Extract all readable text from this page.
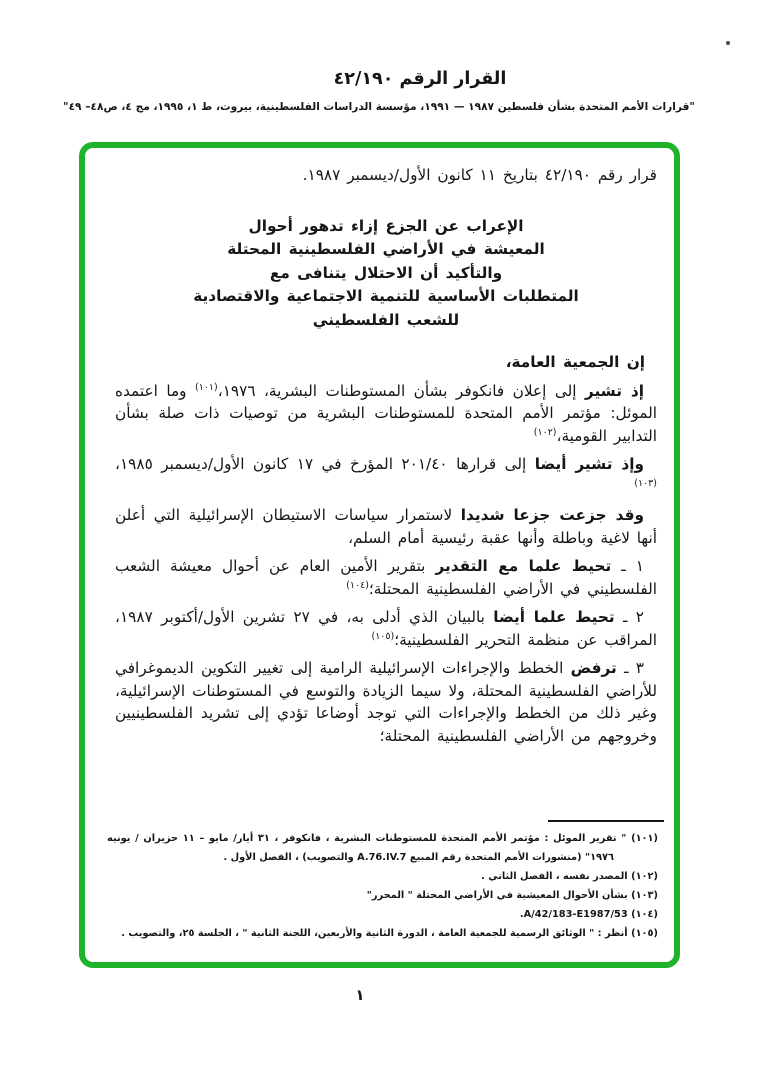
القرار الرقم ٤٢/١٩٠
"قرارات الأمم المتحدة بشأن فلسطين ١٩٨٧ — ١٩٩١، مؤسسة الدراسات الفلسطينية، بيروت، ط ١، ١٩٩٥، مج ٤، ص٤٨– ٤٩"

قرار رقم ٤٢/١٩٠ بتاريخ ١١ كانون الأول/ديسمبر ١٩٨٧.

الإعراب عن الجزع إزاء تدهور أحوال
المعيشة في الأراضي الفلسطينية المحتلة
والتأكيد أن الاحتلال يتنافى مع
المتطلبات الأساسية للتنمية الاجتماعية والاقتصادية
للشعب الفلسطيني

إن الجمعية العامة،

إذ تشير إلى إعلان فانكوفر بشأن المستوطنات البشرية، ١٩٧٦،$^{(١٠١)}$ وما اعتمده الموئل: مؤتمر الأمم المتحدة للمستوطنات البشرية من توصيات ذات صلة بشأن التدابير القومية،$^{(١٠٢)}$

وإذ تشير أيضا إلى قرارها ٢٠١/٤٠ المؤرخ في ١٧ كانون الأول/ديسمبر ١٩٨٥،$^{(١٠٣)}$

وقد جزعت جزعا شديدا لاستمرار سياسات الاستيطان الإسرائيلية التي أعلن أنها لاغية وباطلة وأنها عقبة رئيسية أمام السلم،

١ ـ تحيط علما مع التقدير بتقرير الأمين العام عن أحوال معيشة الشعب الفلسطيني في الأراضي الفلسطينية المحتلة؛$^{(١٠٤)}$

٢ ـ تحيط علما أيضا بالبيان الذي أدلى به، في ٢٧ تشرين الأول/أكتوبر ١٩٨٧، المراقب عن منظمة التحرير الفلسطينية؛$^{(١٠٥)}$

٣ ـ ترفض الخطط والإجراءات الإسرائيلية الرامية إلى تغيير التكوين الديموغرافي للأراضي الفلسطينية المحتلة، ولا سيما الزيادة والتوسع في المستوطنات الإسرائيلية، وغير ذلك من الخطط والإجراءات التي توجد أوضاعا تؤدي إلى تشريد الفلسطينيين وخروجهم من الأراضي الفلسطينية المحتلة؛

(١٠١) " تقرير الموئل : مؤتمر الأمم المتحدة للمستوطنات البشرية ، فانكوفر ، ٣١ أيار/ مايو – ١١ حزيران / يونيه ١٩٧٦" (منشورات الأمم المتحدة رقم المبيع A.76.IV.7 والتصويب) ، الفصل الأول .

(١٠٢) المصدر نفسه ، الفصل الثاني .

(١٠٣) بشأن الأحوال المعيشية في الأراضي المحتلة " المحرر"

(١٠٤) A/42/183-E1987/53.

(١٠٥) أنظر : " الوثائق الرسمية للجمعية العامة ، الدورة الثانية والأربعين، اللجنة الثانية " ، الجلسة ٢٥، والتصويب .

١
